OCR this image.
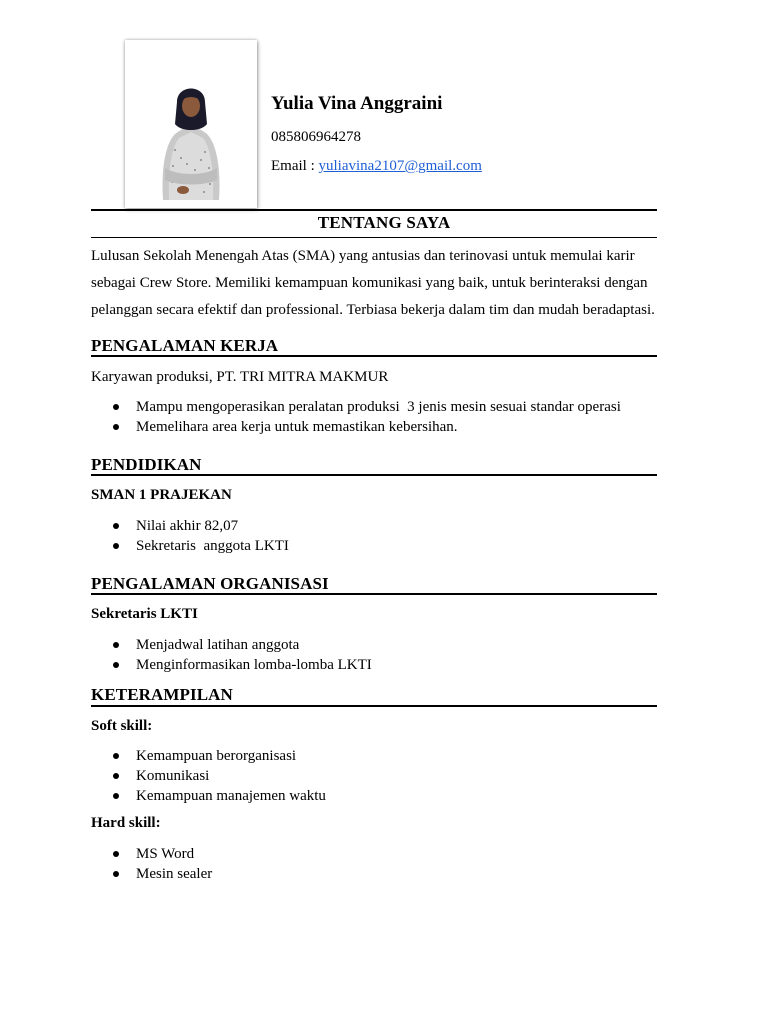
Yulia Vina Anggraini
085806964278
Email : yuliavina2107@gmail.com
TENTANG SAYA

Lulusan Sekolah Menengah Atas (SMA) yang antusias dan terinovasi untuk memulai karir

sebagai Crew Store. Memiliki kemampuan komunikasi yang baik, untuk berinteraksi dengan

pelanggan secara efektif dan professional. Terbiasa bekerja dalam tim dan mudah beradaptasi.

PENGALAMAN KERJA
Karyawan produksi, PT. TRI MITRA MAKMUR
Mampu mengoperasikan peralatan produksi  3 jenis mesin sesuai standar operasi
Memelihara area kerja untuk memastikan kebersihan.
PENDIDIKAN
SMAN 1 PRAJEKAN
Nilai akhir 82,07
Sekretaris  anggota LKTI
PENGALAMAN ORGANISASI
Sekretaris LKTI
Menjadwal latihan anggota
Menginformasikan lomba-lomba LKTI
KETERAMPILAN
Soft skill:
Kemampuan berorganisasi
Komunikasi
Kemampuan manajemen waktu
Hard skill:
MS Word
Mesin sealer
